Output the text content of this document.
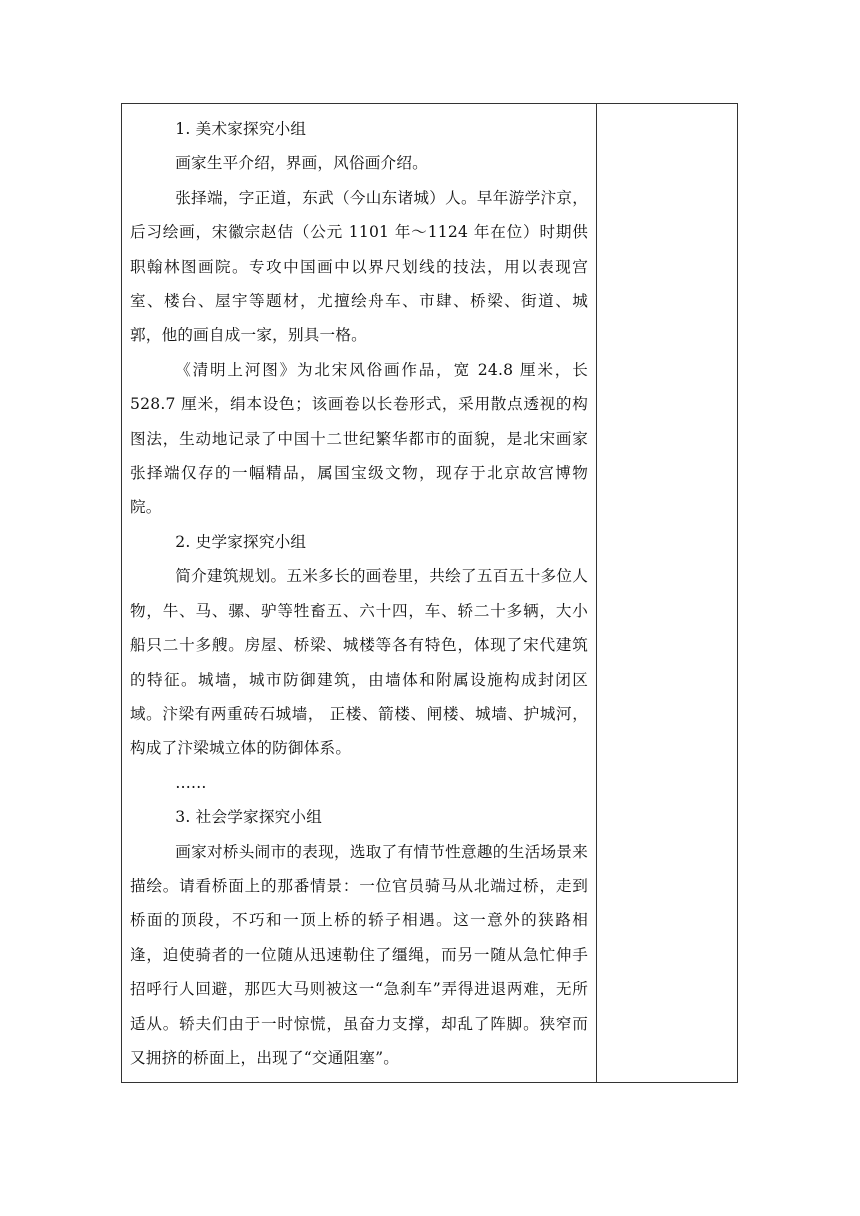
1. 美术家探究小组

画家生平介绍，界画，风俗画介绍。

张择端，字正道，东武（今山东诸城）人。早年游学汴京，后习绘画，宋徽宗赵佶（公元 1101 年～1124 年在位）时期供职翰林图画院。专攻中国画中以界尺划线的技法，用以表现宫室、楼台、屋宇等题材，尤擅绘舟车、市肆、桥梁、街道、城郭，他的画自成一家，别具一格。

《清明上河图》为北宋风俗画作品，宽 24.8 厘米，长 528.7 厘米，绢本设色；该画卷以长卷形式，采用散点透视的构图法，生动地记录了中国十二世纪繁华都市的面貌，是北宋画家张择端仅存的一幅精品，属国宝级文物，现存于北京故宫博物院。

2. 史学家探究小组

简介建筑规划。五米多长的画卷里，共绘了五百五十多位人物，牛、马、骡、驴等牲畜五、六十四，车、轿二十多辆，大小船只二十多艘。房屋、桥梁、城楼等各有特色，体现了宋代建筑的特征。城墙，城市防御建筑，由墙体和附属设施构成封闭区域。汴梁有两重砖石城墙， 正楼、箭楼、闸楼、城墙、护城河，构成了汴梁城立体的防御体系。

……

3. 社会学家探究小组

画家对桥头闹市的表现，选取了有情节性意趣的生活场景来描绘。请看桥面上的那番情景：一位官员骑马从北端过桥，走到桥面的顶段，不巧和一顶上桥的轿子相遇。这一意外的狭路相逢，迫使骑者的一位随从迅速勒住了缰绳，而另一随从急忙伸手招呼行人回避，那匹大马则被这一“急刹车”弄得进退两难，无所适从。轿夫们由于一时惊慌，虽奋力支撑，却乱了阵脚。狭窄而又拥挤的桥面上，出现了“交通阻塞”。
